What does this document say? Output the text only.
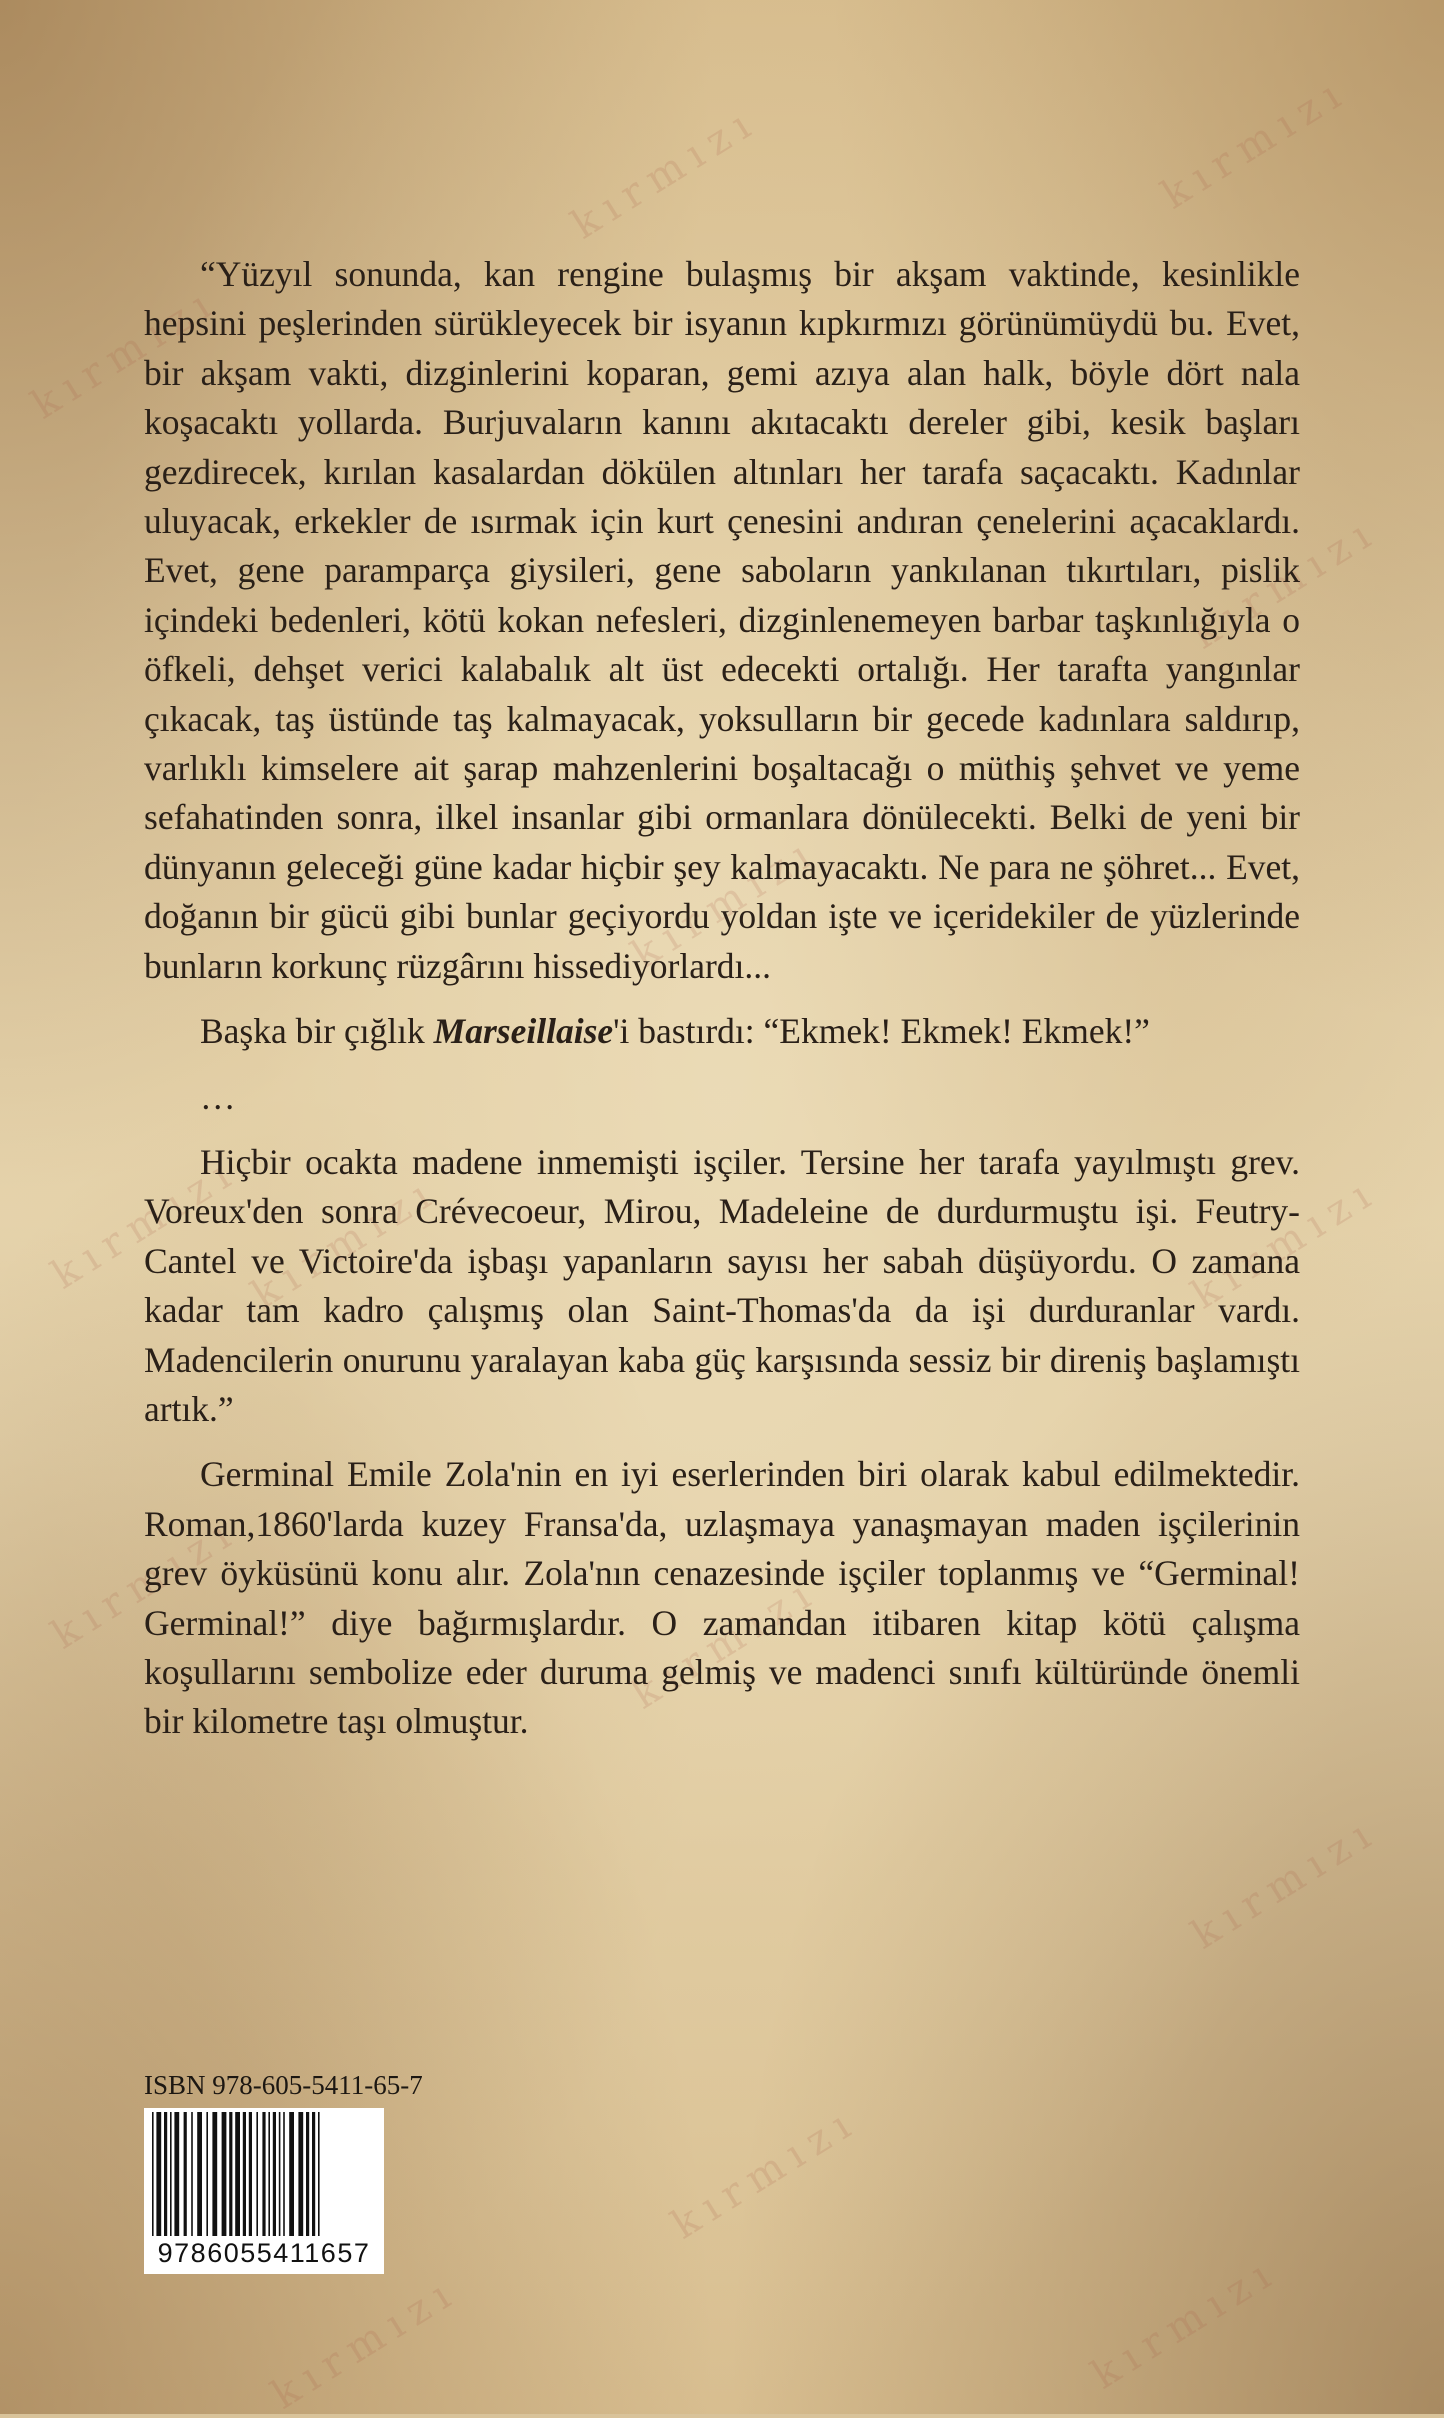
kırmızı	kırmızı
kırmızı
kırmızı
kırmızı
kırmızı
kırmızı	kırmızı
kırmızı	kırmızı
kırmızı
kırmızı
kırmızı	kırmızı

“Yüzyıl sonunda, kan rengine bulaşmış bir akşam vaktinde, kesinlikle hepsini peşlerinden sürükleyecek bir isyanın kıpkırmızı görünümüydü bu. Evet, bir akşam vakti, dizginlerini koparan, gemi azıya alan halk, böyle dört nala koşacaktı yollarda. Burjuvaların kanını akıtacaktı dereler gibi, kesik başları gezdirecek, kırılan kasalardan dökülen altınları her tarafa saçacaktı. Kadınlar uluyacak, erkekler de ısırmak için kurt çenesini andıran çenelerini açacaklardı. Evet, gene paramparça giysileri, gene saboların yankılanan tıkırtıları, pislik içindeki bedenleri, kötü kokan nefesleri, dizginlenemeyen barbar taşkınlığıyla o öfkeli, dehşet verici kalabalık alt üst edecekti ortalığı. Her tarafta yangınlar çıkacak, taş üstünde taş kalmayacak, yoksulların bir gecede kadınlara saldırıp, varlıklı kimselere ait şarap mahzenlerini boşaltacağı o müthiş şehvet ve yeme sefahatinden sonra, ilkel insanlar gibi ormanlara dönülecekti. Belki de yeni bir dünyanın geleceği güne kadar hiçbir şey kalmayacaktı. Ne para ne şöhret... Evet, doğanın bir gücü gibi bunlar geçiyordu yoldan işte ve içeridekiler de yüzlerinde bunların korkunç rüzgârını hissediyorlardı...

Başka bir çığlık Marseillaise'i bastırdı: “Ekmek! Ekmek! Ekmek!”

…

Hiçbir ocakta madene inmemişti işçiler. Tersine her tarafa yayılmıştı grev. Voreux'den sonra Crévecoeur, Mirou, Madeleine de durdurmuştu işi. Feutry-Cantel ve Victoire'da işbaşı yapanların sayısı her sabah düşüyordu. O zamana kadar tam kadro çalışmış olan Saint-Thomas'da da işi durduranlar vardı. Madencilerin onurunu yaralayan kaba güç karşısında sessiz bir direniş başlamıştı artık.”

Germinal Emile Zola'nin en iyi eserlerinden biri olarak kabul edilmektedir. Roman,1860'larda kuzey Fransa'da, uzlaşmaya yanaşmayan maden işçilerinin grev öyküsünü konu alır. Zola'nın cenazesinde işçiler toplanmış ve “Germinal! Germinal!” diye bağırmışlardır. O zamandan itibaren kitap kötü çalışma koşullarını sembolize eder duruma gelmiş ve madenci sınıfı kültüründe önemli bir kilometre taşı olmuştur.

ISBN 978-605-5411-65-7
9786055411657
